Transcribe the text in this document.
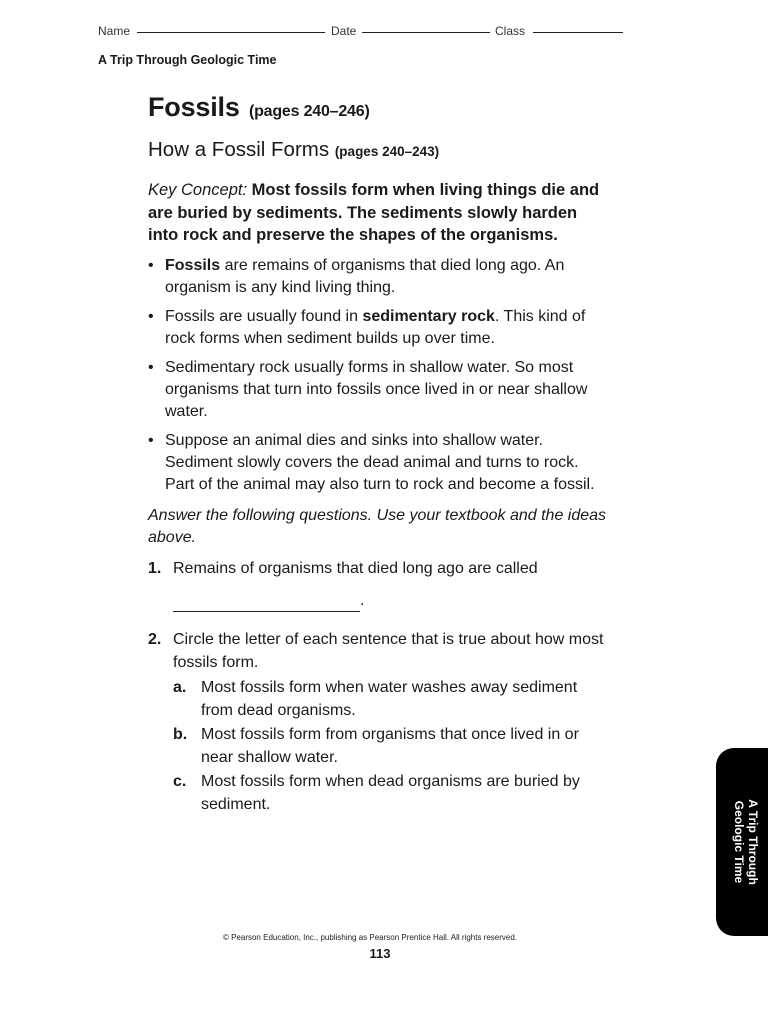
Name	Date	Class
A Trip Through Geologic Time
Fossils (pages 240–246)
How a Fossil Forms (pages 240–243)

Key Concept: Most fossils form when living things die and are buried by sediments. The sediments slowly harden into rock and preserve the shapes of the organisms.

• Fossils are remains of organisms that died long ago. An organism is any kind living thing.
• Fossils are usually found in sedimentary rock. This kind of rock forms when sediment builds up over time.
• Sedimentary rock usually forms in shallow water. So most organisms that turn into fossils once lived in or near shallow water.
• Suppose an animal dies and sinks into shallow water. Sediment slowly covers the dead animal and turns to rock. Part of the animal may also turn to rock and become a fossil.

Answer the following questions. Use your textbook and the ideas above.

1. Remains of organisms that died long ago are called
.
2. Circle the letter of each sentence that is true about how most fossils form.
a. Most fossils form when water washes away sediment from dead organisms.
b. Most fossils form from organisms that once lived in or near shallow water.
c. Most fossils form when dead organisms are buried by sediment.	A Trip Through
Geologic Time
© Pearson Education, Inc., publishing as Pearson Prentice Hall. All rights reserved.
113
